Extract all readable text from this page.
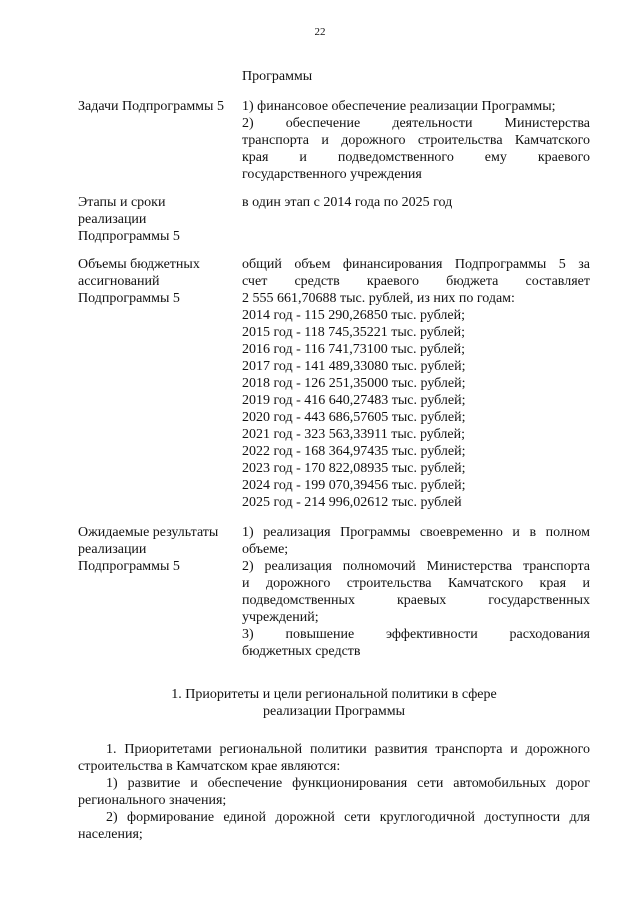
22
Программы
Задачи Подпрограммы 5	1) финансовое обеспечение реализации Программы;
2) обеспечение деятельности Министерства
транспорта и дорожного строительства Камчатского
края и подведомственного ему краевого
государственного учреждения
Этапы и сроки
реализации
Подпрограммы 5
в один этап с 2014 года по 2025 год
Объемы бюджетных
ассигнований
Подпрограммы 5
общий объем финансирования Подпрограммы 5 за
счет средств краевого бюджета составляет
2 555 661,70688 тыс. рублей, из них по годам:
2014 год - 115 290,26850 тыс. рублей;
2015 год - 118 745,35221 тыс. рублей;
2016 год - 116 741,73100 тыс. рублей;
2017 год - 141 489,33080 тыс. рублей;
2018 год - 126 251,35000 тыс. рублей;
2019 год - 416 640,27483 тыс. рублей;
2020 год - 443 686,57605 тыс. рублей;
2021 год - 323 563,33911 тыс. рублей;
2022 год - 168 364,97435 тыс. рублей;
2023 год - 170 822,08935 тыс. рублей;
2024 год - 199 070,39456 тыс. рублей;
2025 год - 214 996,02612 тыс. рублей
Ожидаемые результаты
реализации
Подпрограммы 5
1) реализация Программы своевременно и в полном
объеме;
2) реализация полномочий Министерства транспорта
и дорожного строительства Камчатского края и
подведомственных краевых государственных
учреждений;
3) повышение эффективности расходования
бюджетных средств
1. Приоритеты и цели региональной политики в сфере
реализации Программы
1. Приоритетами региональной политики развития транспорта и дорожного
строительства в Камчатском крае являются:
1) развитие и обеспечение функционирования сети автомобильных дорог
регионального значения;
2) формирование единой дорожной сети круглогодичной доступности для
населения;
